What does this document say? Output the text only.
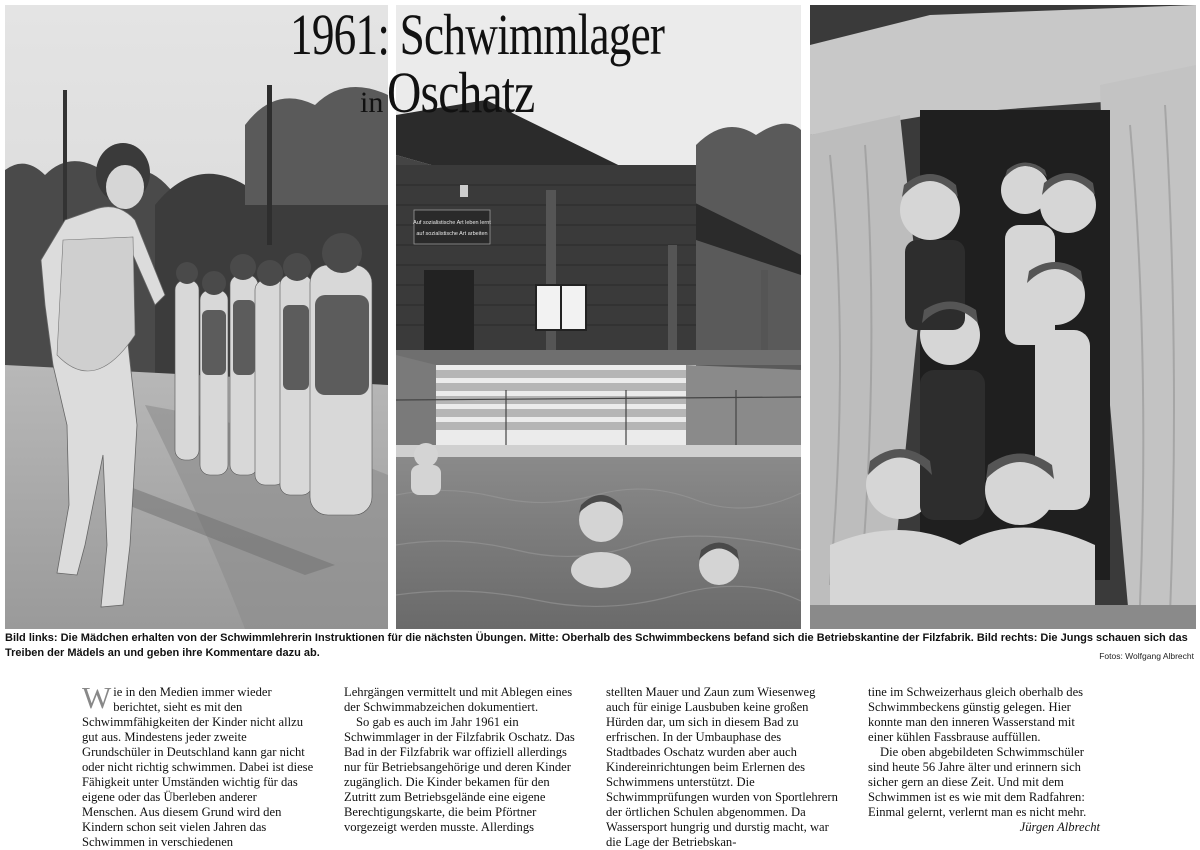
Auf sozialistische Art leben lernt
auf sozialistische Art arbeiten
1961: Schwimmlager
in Oschatz
Bild links: Die Mädchen erhalten von der Schwimmlehrerin Instruktionen für die nächsten Übungen. Mitte: Oberhalb des Schwimmbeckens befand sich die Betriebskantine der Filzfabrik. Bild rechts: Die Jungs schauen sich das Treiben der Mädels an und geben ihre Kommentare dazu ab.	Fotos: Wolfgang Albrecht

Wie in den Medien immer wieder berichtet, sieht es mit den Schwimmfähigkeiten der Kinder nicht allzu gut aus. Mindestens jeder zweite Grundschüler in Deutschland kann gar nicht oder nicht richtig schwimmen. Dabei ist diese Fähigkeit unter Umständen wichtig für das eigene oder das Überleben anderer Menschen. Aus diesem Grund wird den Kindern schon seit vielen Jahren das Schwimmen in verschiedenen

Lehrgängen vermittelt und mit Ablegen eines der Schwimmabzeichen dokumentiert.

So gab es auch im Jahr 1961 ein Schwimmlager in der Filzfabrik Oschatz. Das Bad in der Filzfabrik war offiziell allerdings nur für Betriebsangehörige und deren Kinder zugänglich. Die Kinder bekamen für den Zutritt zum Betriebsgelände eine eigene Berechtigungskarte, die beim Pförtner vorgezeigt werden musste. Allerdings

stellten Mauer und Zaun zum Wiesenweg auch für einige Lausbuben keine großen Hürden dar, um sich in diesem Bad zu erfrischen. In der Umbauphase des Stadtbades Oschatz wurden aber auch Kindereinrichtungen beim Erlernen des Schwimmens unterstützt. Die Schwimmprüfungen wurden von Sportlehrern der örtlichen Schulen abgenommen. Da Wassersport hungrig und durstig macht, war die Lage der Betriebskan-

tine im Schweizerhaus gleich oberhalb des Schwimmbeckens günstig gelegen. Hier konnte man den inneren Wasserstand mit einer kühlen Fassbrause auffüllen.

Die oben abgebildeten Schwimmschüler sind heute 56 Jahre älter und erinnern sich sicher gern an diese Zeit. Und mit dem Schwimmen ist es wie mit dem Radfahren: Einmal gelernt, verlernt man es nicht mehr.

Jürgen Albrecht
